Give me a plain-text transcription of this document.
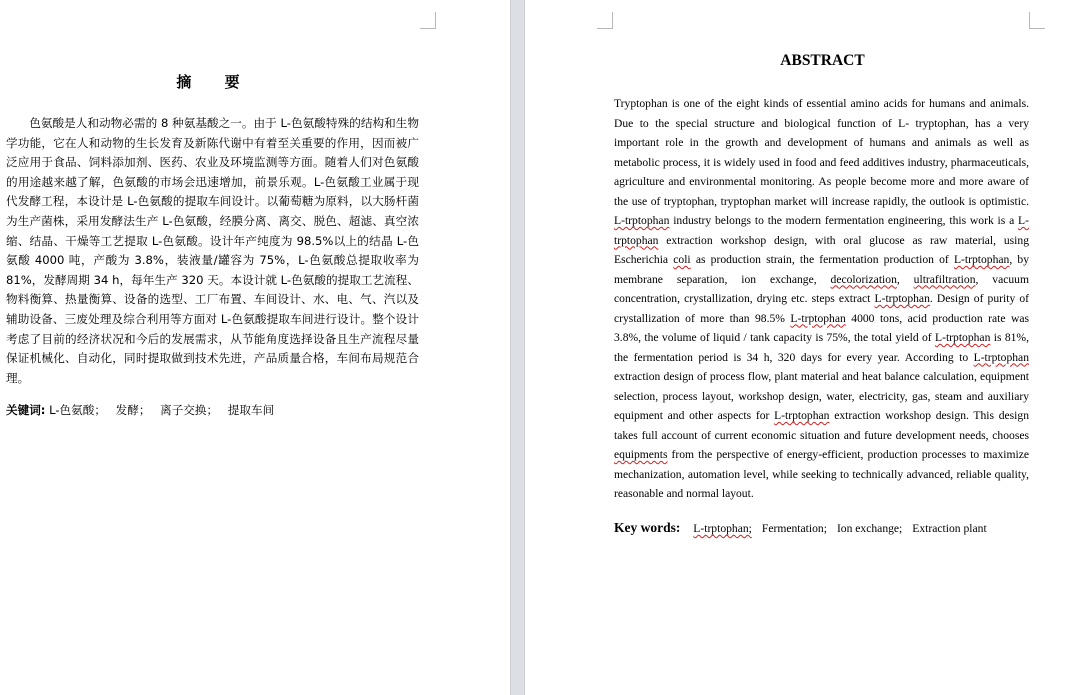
摘 要
色氨酸是人和动物必需的 8 种氨基酸之一。由于 L-色氨酸特殊的结构和生物学功能，它在人和动物的生长发育及新陈代谢中有着至关重要的作用，因而被广泛应用于食品、饲料添加剂、医药、农业及环境监测等方面。随着人们对色氨酸的用途越来越了解，色氨酸的市场会迅速增加，前景乐观。L-色氨酸工业属于现代发酵工程，本设计是 L-色氨酸的提取车间设计。以葡萄糖为原料，以大肠杆菌为生产菌株，采用发酵法生产 L-色氨酸，经膜分离、离交、脱色、超滤、真空浓缩、结晶、干燥等工艺提取 L-色氨酸。设计年产纯度为 98.5%以上的结晶 L-色氨酸 4000 吨，产酸为 3.8%，装液量/罐容为 75%，L-色氨酸总提取收率为 81%，发酵周期 34 h，每年生产 320 天。本设计就 L-色氨酸的提取工艺流程、物料衡算、热量衡算、设备的选型、工厂布置、车间设计、水、电、气、汽以及辅助设备、三废处理及综合利用等方面对 L-色氨酸提取车间进行设计。整个设计考虑了目前的经济状况和今后的发展需求，从节能角度选择设备且生产流程尽量保证机械化、自动化，同时提取做到技术先进，产品质量合格，车间布局规范合理。
关键词: L-色氨酸； 发酵； 离子交换； 提取车间
ABSTRACT
Tryptophan is one of the eight kinds of essential amino acids for humans and animals. Due to the special structure and biological function of L- tryptophan, has a very important role in the growth and development of humans and animals as well as metabolic process, it is widely used in food and feed additives industry, pharmaceuticals, agriculture and environmental monitoring. As people become more and more aware of the use of tryptophan, tryptophan market will increase rapidly, the outlook is optimistic. L-trptophan industry belongs to the modern fermentation engineering, this work is a L-trptophan extraction workshop design, with oral glucose as raw material, using Escherichia coli as production strain, the fermentation production of L-trptophan, by membrane separation, ion exchange, decolorization, ultrafiltration, vacuum concentration, crystallization, drying etc. steps extract L-trptophan. Design of purity of crystallization of more than 98.5% L-trptophan 4000 tons, acid production rate was 3.8%, the volume of liquid / tank capacity is 75%, the total yield of L-trptophan is 81%, the fermentation period is 34 h, 320 days for every year. According to L-trptophan extraction design of process flow, plant material and heat balance calculation, equipment selection, process layout, workshop design, water, electricity, gas, steam and auxiliary equipment and other aspects for L-trptophan extraction workshop design. This design takes full account of current economic situation and future development needs, chooses equipments from the perspective of energy-efficient, production processes to maximize mechanization, automation level, while seeking to technically advanced, reliable quality, reasonable and normal layout.
Key words: L-trptophan; Fermentation; Ion exchange; Extraction plant
